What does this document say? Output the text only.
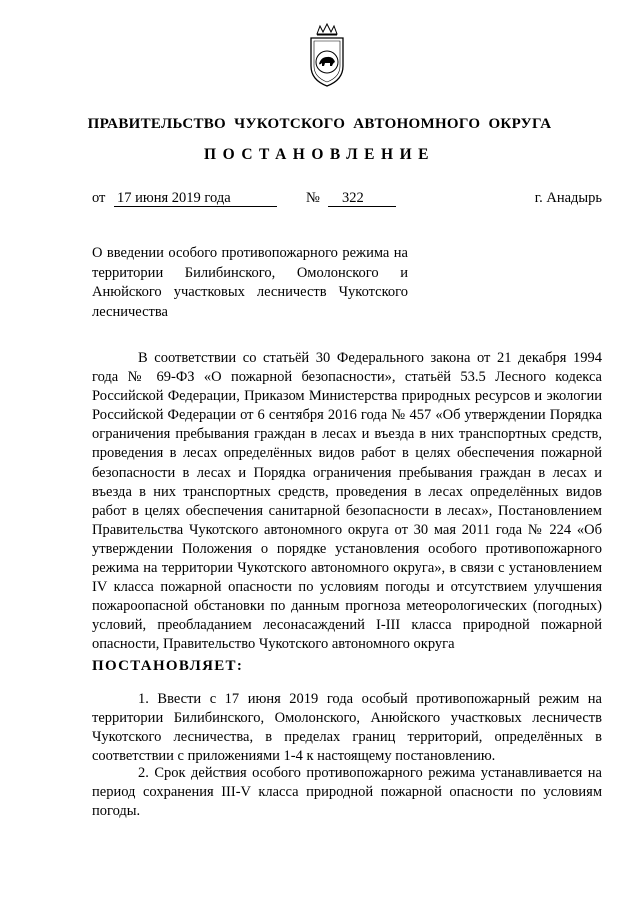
ПРАВИТЕЛЬСТВО  ЧУКОТСКОГО  АВТОНОМНОГО  ОКРУГА
ПОСТАНОВЛЕНИЕ
от 17 июня 2019 года	№	322	г. Анадырь
О введении особого противопожарного режима на территории Билибинского, Омолонского и Анюйского участковых лесничеств Чукотского лесничества
В соответствии со статьёй 30 Федерального закона от 21 декабря 1994 года № 69-ФЗ «О пожарной безопасности», статьёй 53.5 Лесного кодекса Российской Федерации, Приказом Министерства природных ресурсов и экологии Российской Федерации от 6 сентября 2016 года № 457 «Об утверждении Порядка ограничения пребывания граждан в лесах и въезда в них транспортных средств, проведения в лесах определённых видов работ в целях обеспечения пожарной безопасности в лесах и Порядка ограничения пребывания граждан в лесах и въезда в них транспортных средств, проведения в лесах определённых видов работ в целях обеспечения санитарной безопасности в лесах», Постановлением Правительства Чукотского автономного округа от 30 мая 2011 года № 224 «Об утверждении Положения о порядке установления особого противопожарного режима на территории Чукотского автономного округа», в связи с установлением IV класса пожарной опасности по условиям погоды и отсутствием улучшения пожароопасной обстановки по данным прогноза метеорологических (погодных) условий, преобладанием лесонасаждений I-III класса природной пожарной опасности, Правительство Чукотского автономного округа
ПОСТАНОВЛЯЕТ:
1. Ввести с 17 июня 2019 года особый противопожарный режим на территории Билибинского, Омолонского, Анюйского участковых лесничеств Чукотского лесничества, в пределах границ территорий, определённых в соответствии с приложениями 1-4 к настоящему постановлению.
2. Срок действия особого противопожарного режима устанавливается на период сохранения III-V класса природной пожарной опасности по условиям погоды.
